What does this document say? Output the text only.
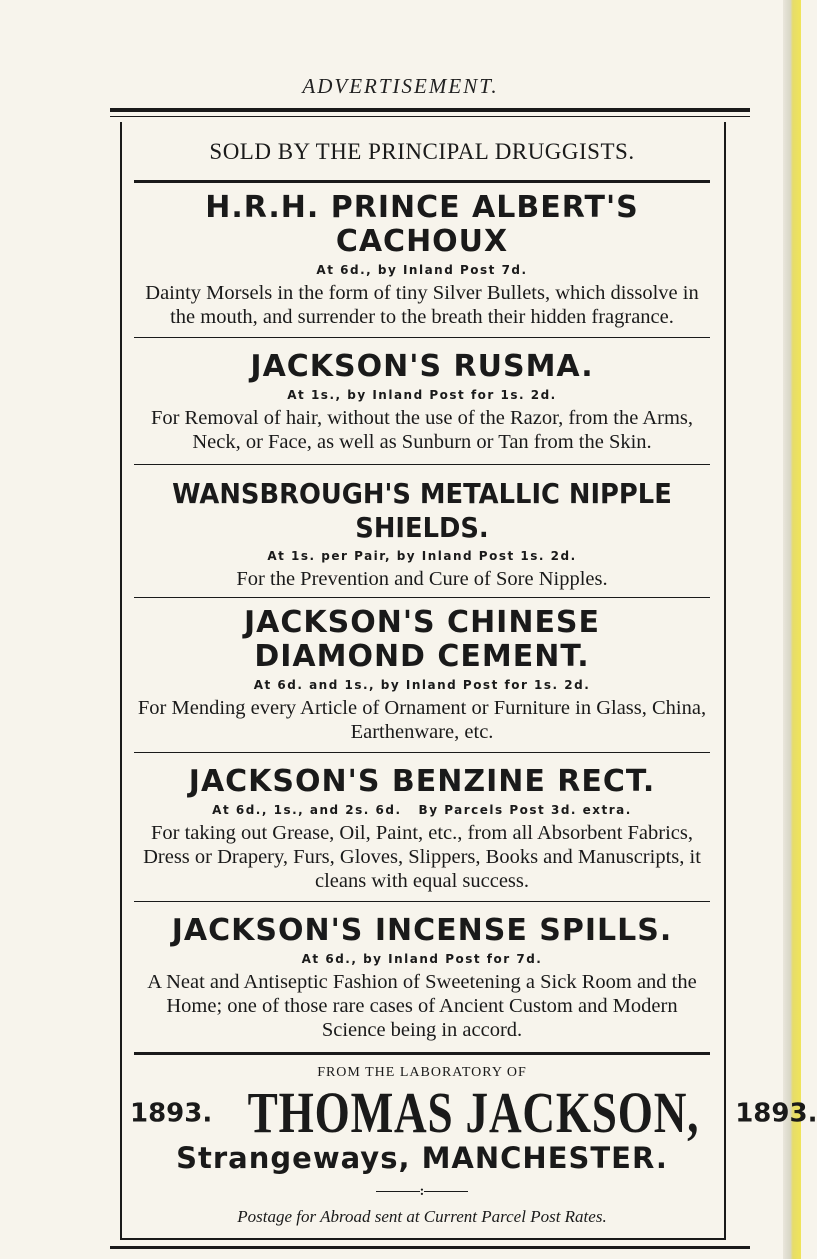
ADVERTISEMENT.
SOLD BY THE PRINCIPAL DRUGGISTS.
H.R.H. PRINCE ALBERT'S CACHOUX
At 6d., by Inland Post 7d.
Dainty Morsels in the form of tiny Silver Bullets, which dissolve in the mouth, and surrender to the breath their hidden fragrance.
JACKSON'S RUSMA.
At 1s., by Inland Post for 1s. 2d.
For Removal of hair, without the use of the Razor, from the Arms, Neck, or Face, as well as Sunburn or Tan from the Skin.
WANSBROUGH'S METALLIC NIPPLE SHIELDS.
At 1s. per Pair, by Inland Post 1s. 2d.
For the Prevention and Cure of Sore Nipples.
JACKSON'S CHINESE DIAMOND CEMENT.
At 6d. and 1s., by Inland Post for 1s. 2d.
For Mending every Article of Ornament or Furniture in Glass, China, Earthenware, etc.
JACKSON'S BENZINE RECT.
At 6d., 1s., and 2s. 6d.   By Parcels Post 3d. extra.
For taking out Grease, Oil, Paint, etc., from all Absorbent Fabrics, Dress or Drapery, Furs, Gloves, Slippers, Books and Manuscripts, it cleans with equal success.
JACKSON'S INCENSE SPILLS.
At 6d., by Inland Post for 7d.
A Neat and Antiseptic Fashion of Sweetening a Sick Room and the Home; one of those rare cases of Ancient Custom and Modern Science being in accord.
FROM THE LABORATORY OF
1893. THOMAS JACKSON, 1893.
Strangeways, MANCHESTER.
:
Postage for Abroad sent at Current Parcel Post Rates.
